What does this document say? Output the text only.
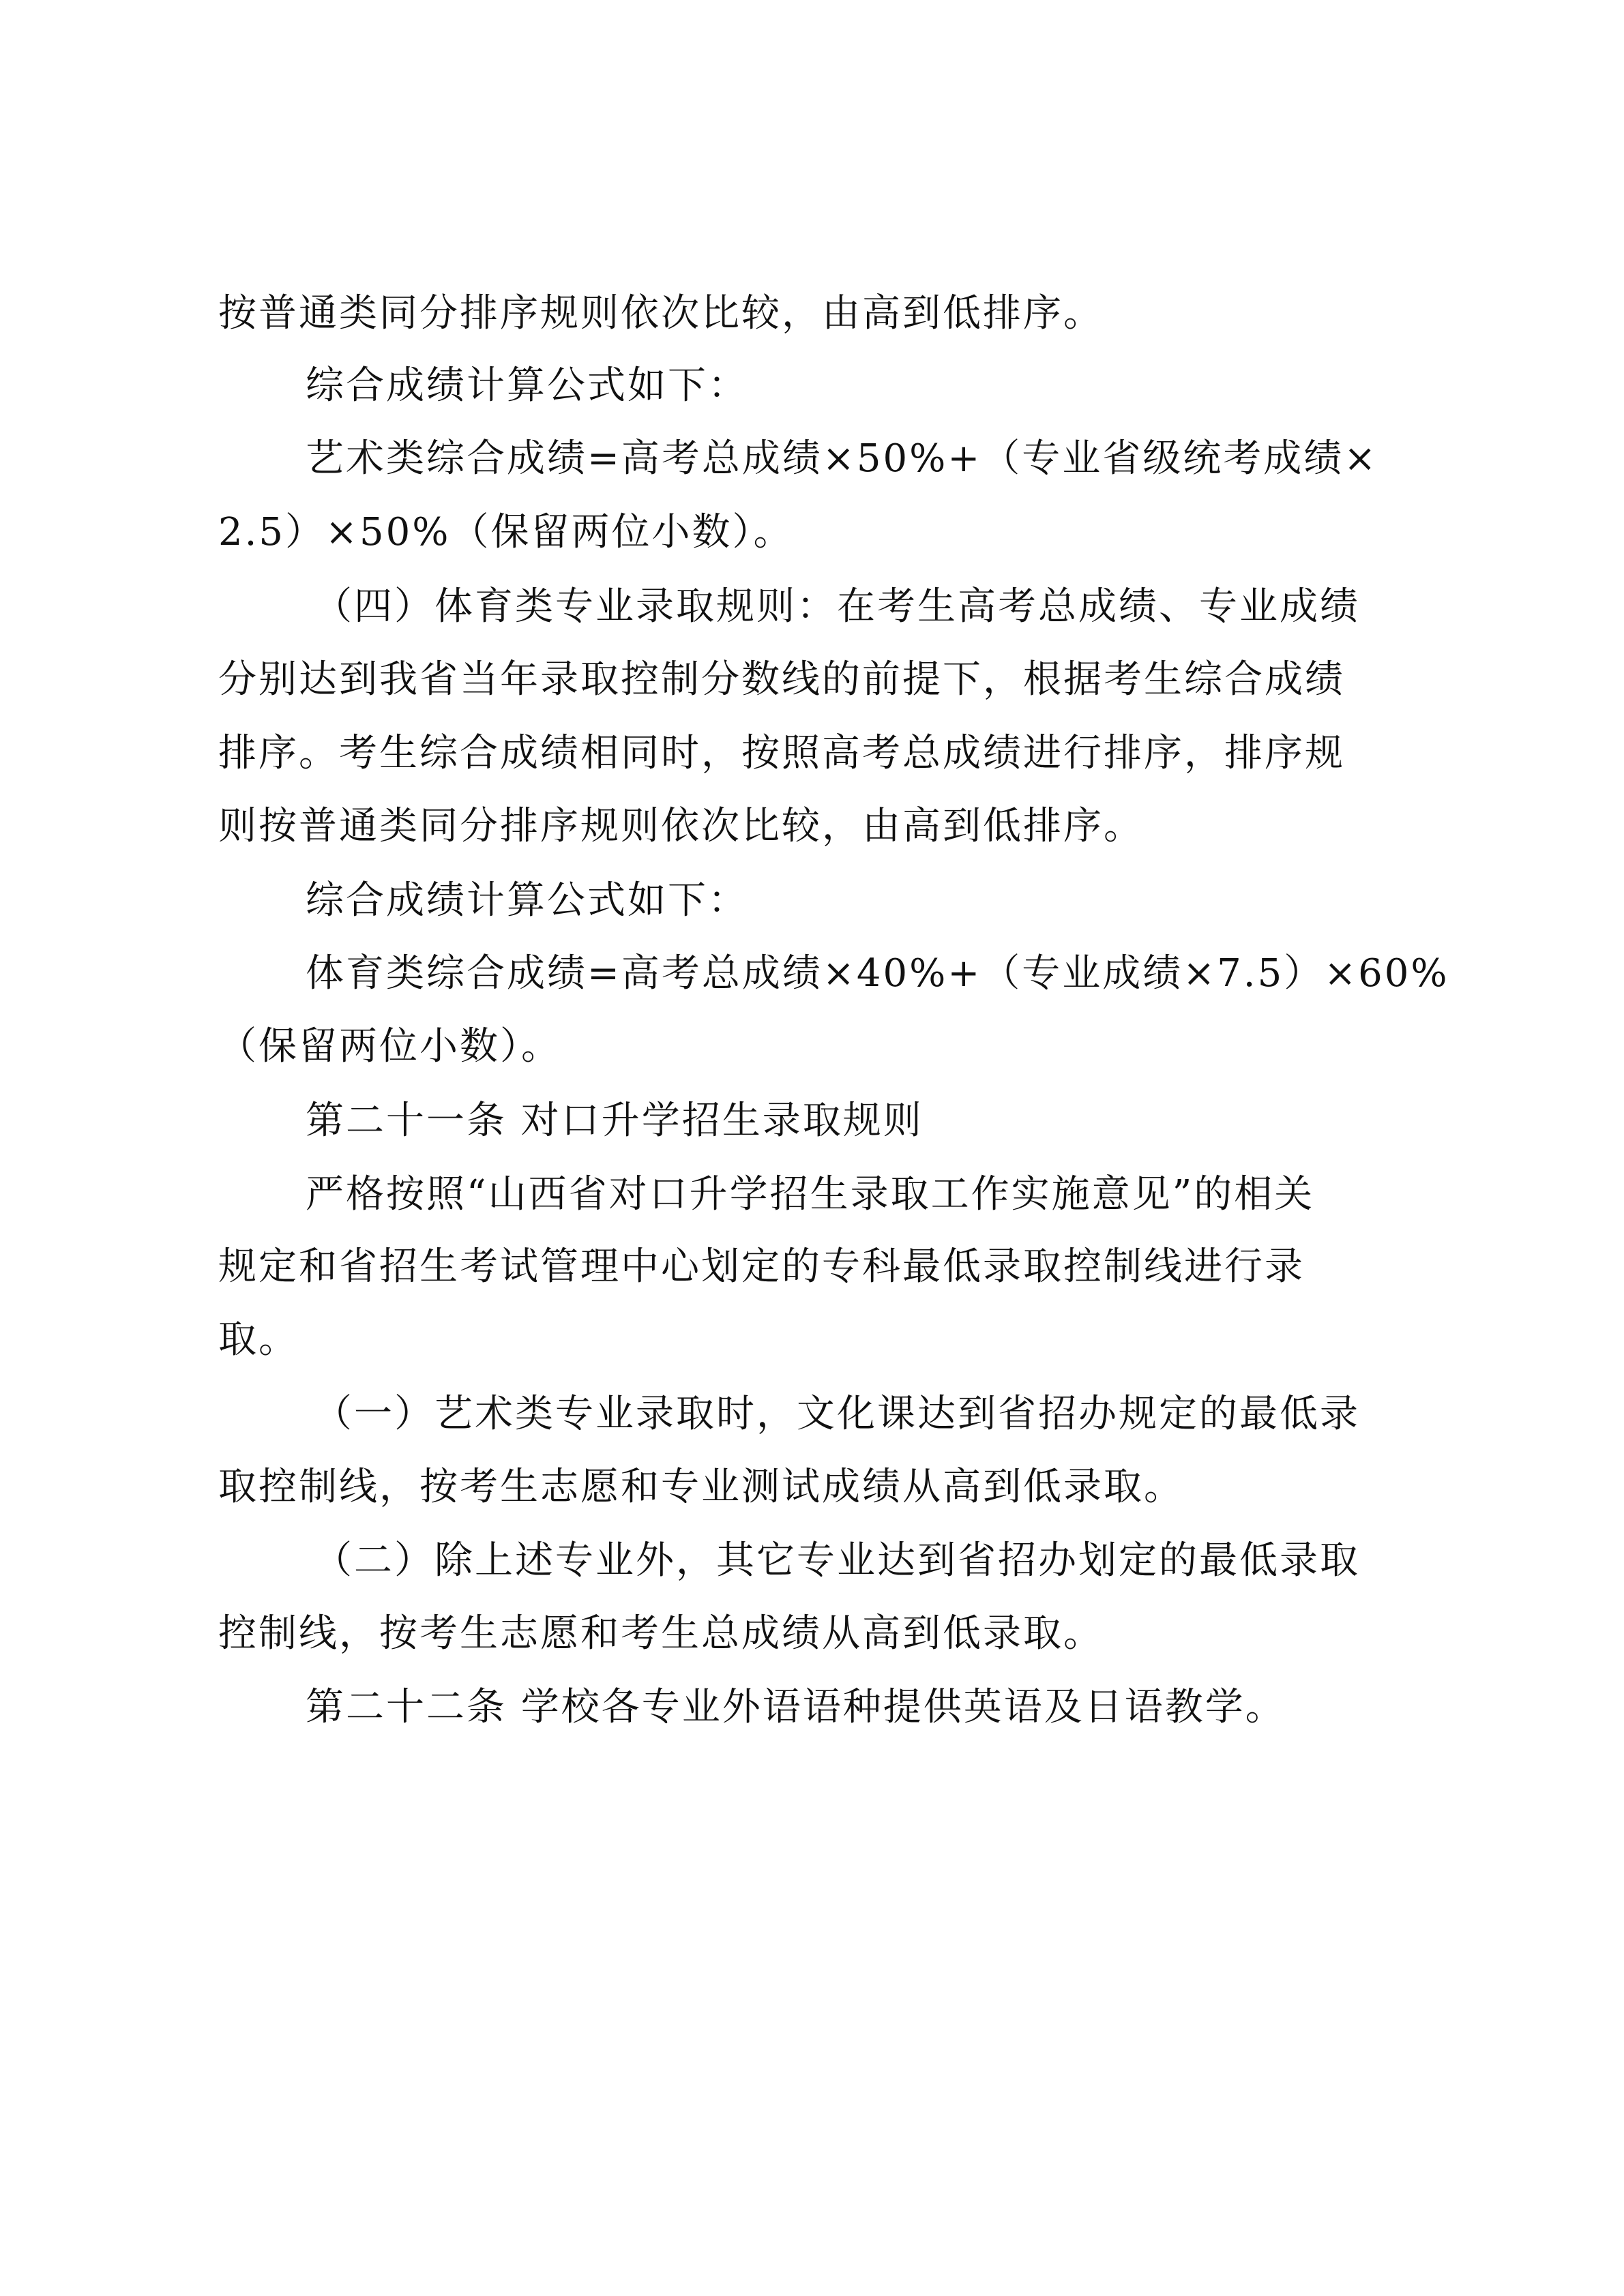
按普通类同分排序规则依次比较，由高到低排序。
综合成绩计算公式如下：
艺术类综合成绩=高考总成绩×50%+（专业省级统考成绩×
2.5）×50%（保留两位小数）。
（四）体育类专业录取规则：在考生高考总成绩、专业成绩
分别达到我省当年录取控制分数线的前提下，根据考生综合成绩
排序。考生综合成绩相同时，按照高考总成绩进行排序，排序规
则按普通类同分排序规则依次比较，由高到低排序。
综合成绩计算公式如下：
体育类综合成绩=高考总成绩×40%+（专业成绩×7.5）×60%
（保留两位小数）。
第二十一条 对口升学招生录取规则
严格按照“山西省对口升学招生录取工作实施意见”的相关
规定和省招生考试管理中心划定的专科最低录取控制线进行录
取。
（一）艺术类专业录取时，文化课达到省招办规定的最低录
取控制线，按考生志愿和专业测试成绩从高到低录取。
（二）除上述专业外，其它专业达到省招办划定的最低录取
控制线，按考生志愿和考生总成绩从高到低录取。
第二十二条 学校各专业外语语种提供英语及日语教学。
